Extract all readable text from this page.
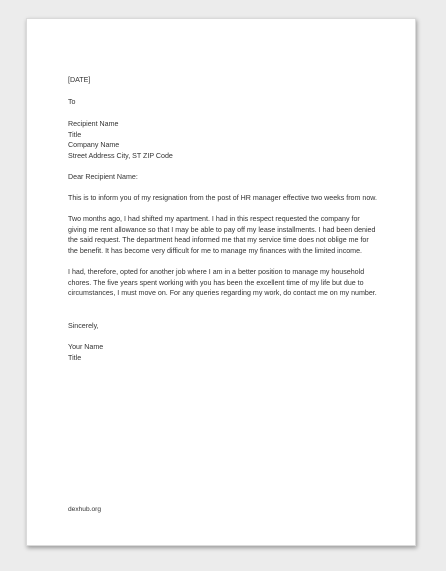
[DATE]
To
Recipient Name
Title
Company Name
Street Address City, ST ZIP Code
Dear Recipient Name:

This is to inform you of my resignation from the post of HR manager effective two weeks from now.

Two months ago, I had shifted my apartment. I had in this respect requested the company for giving me rent allowance so that I may be able to pay off my lease installments. I had been denied the said request. The department head informed me that my service time does not oblige me for the benefit. It has become very difficult for me to manage my finances with the limited income.

I had, therefore, opted for another job where I am in a better position to manage my household chores. The five years spent working with you has been the excellent time of my life but due to circumstances, I must move on. For any queries regarding my work, do contact me on my number.

Sincerely,
Your Name
Title
dexhub.org
